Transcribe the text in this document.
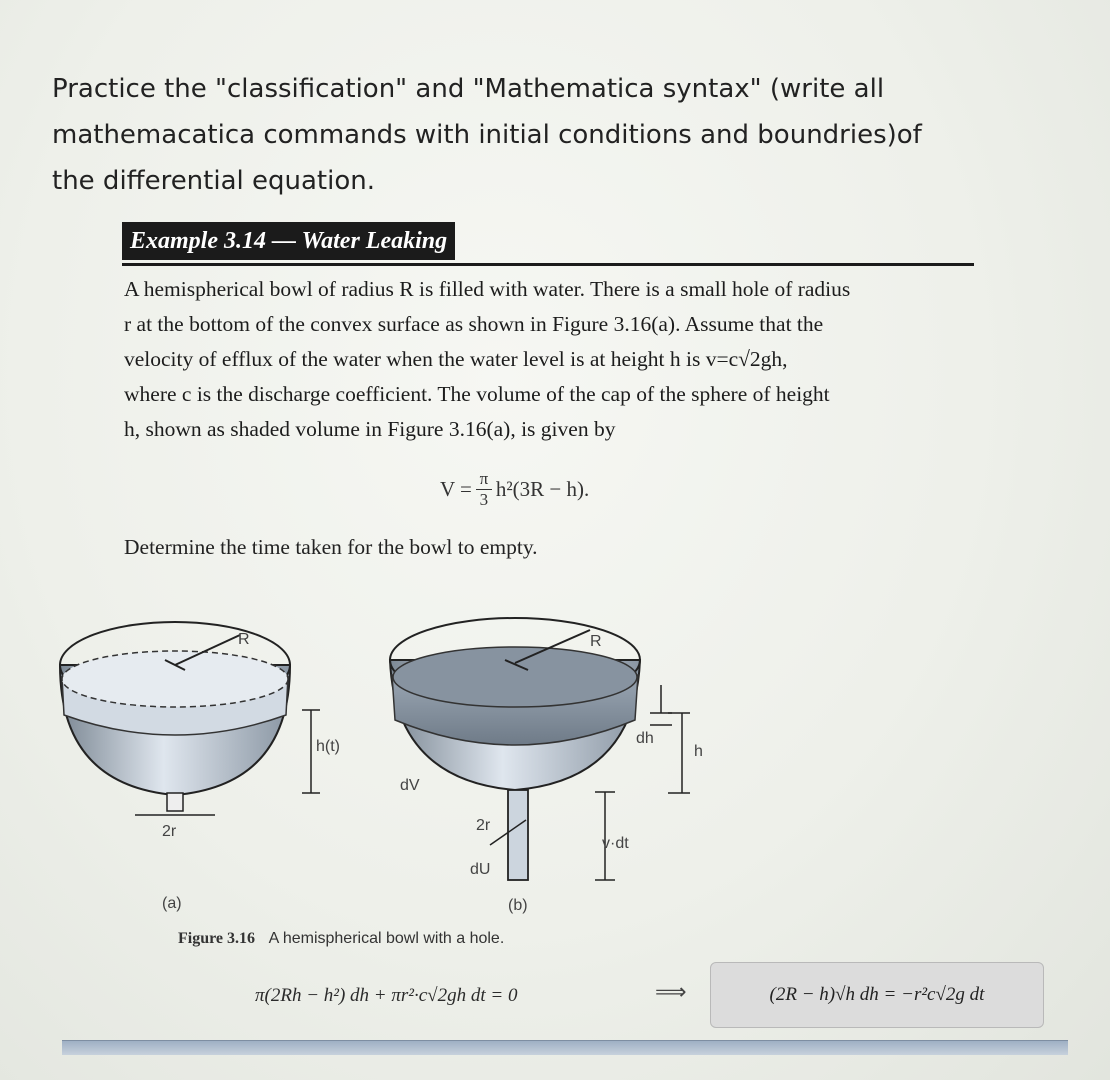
Practice the "classification" and "Mathematica syntax" (write all
mathemacatica commands with initial conditions and boundries)of
the differential equation.
Example 3.14 — Water Leaking
A hemispherical bowl of radius R is filled with water. There is a small hole of radius
r at the bottom of the convex surface as shown in Figure 3.16(a). Assume that the
velocity of efflux of the water when the water level is at height h is v=c√2gh,
where c is the discharge coefficient. The volume of the cap of the sphere of height
h, shown as shaded volume in Figure 3.16(a), is given by
$V = \frac{\pi}{3} h^2(3R - h)$.
Determine the time taken for the bowl to empty.
R
h(t)
2r
(a)
R
dV
2r
dU
v·dt
dh
h
(b)
Figure 3.16 A hemispherical bowl with a hole.
π(2Rh − h²) dh + πr²·c√2gh dt = 0	⟹	(2R − h)√h dh = −r²c√2g dt
